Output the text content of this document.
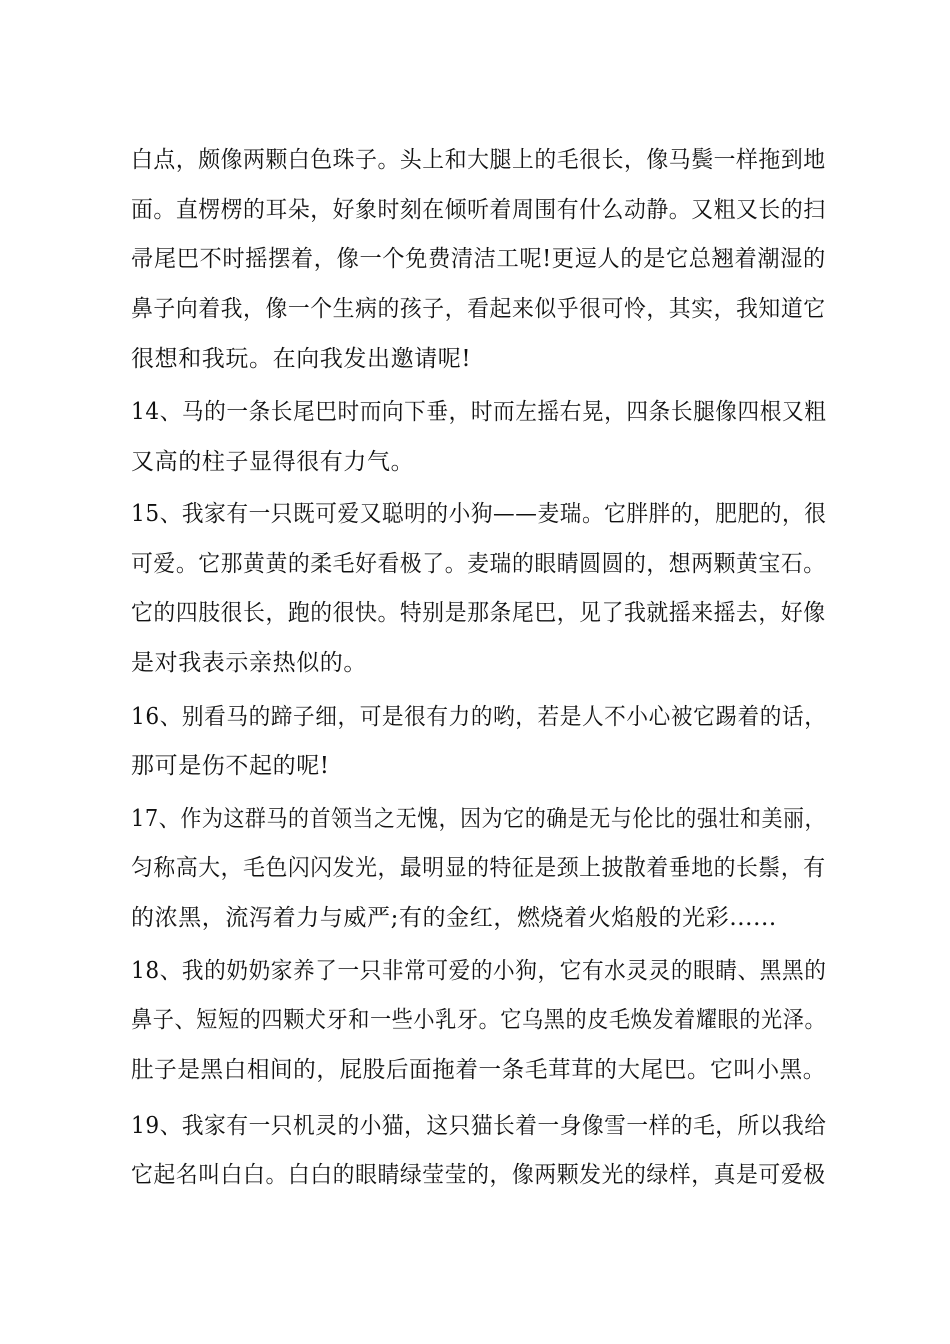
白点，颇像两颗白色珠子。头上和大腿上的毛很长，像马鬓一样拖到地
面。直楞楞的耳朵，好象时刻在倾听着周围有什么动静。又粗又长的扫
帚尾巴不时摇摆着，像一个免费清洁工呢!更逗人的是它总翘着潮湿的
鼻子向着我，像一个生病的孩子，看起来似乎很可怜，其实，我知道它
很想和我玩。在向我发出邀请呢!
14、马的一条长尾巴时而向下垂，时而左摇右晃，四条长腿像四根又粗
又高的柱子显得很有力气。
15、我家有一只既可爱又聪明的小狗——麦瑞。它胖胖的，肥肥的，很
可爱。它那黄黄的柔毛好看极了。麦瑞的眼睛圆圆的，想两颗黄宝石。
它的四肢很长，跑的很快。特别是那条尾巴，见了我就摇来摇去，好像
是对我表示亲热似的。
16、别看马的蹄子细，可是很有力的哟，若是人不小心被它踢着的话，
那可是伤不起的呢!
17、作为这群马的首领当之无愧，因为它的确是无与伦比的强壮和美丽，
匀称高大，毛色闪闪发光，最明显的特征是颈上披散着垂地的长鬃，有
的浓黑，流泻着力与威严;有的金红，燃烧着火焰般的光彩......
18、我的奶奶家养了一只非常可爱的小狗，它有水灵灵的眼睛、黑黑的
鼻子、短短的四颗犬牙和一些小乳牙。它乌黑的皮毛焕发着耀眼的光泽。
肚子是黑白相间的，屁股后面拖着一条毛茸茸的大尾巴。它叫小黑。
19、我家有一只机灵的小猫，这只猫长着一身像雪一样的毛，所以我给
它起名叫白白。白白的眼睛绿莹莹的，像两颗发光的绿样，真是可爱极
